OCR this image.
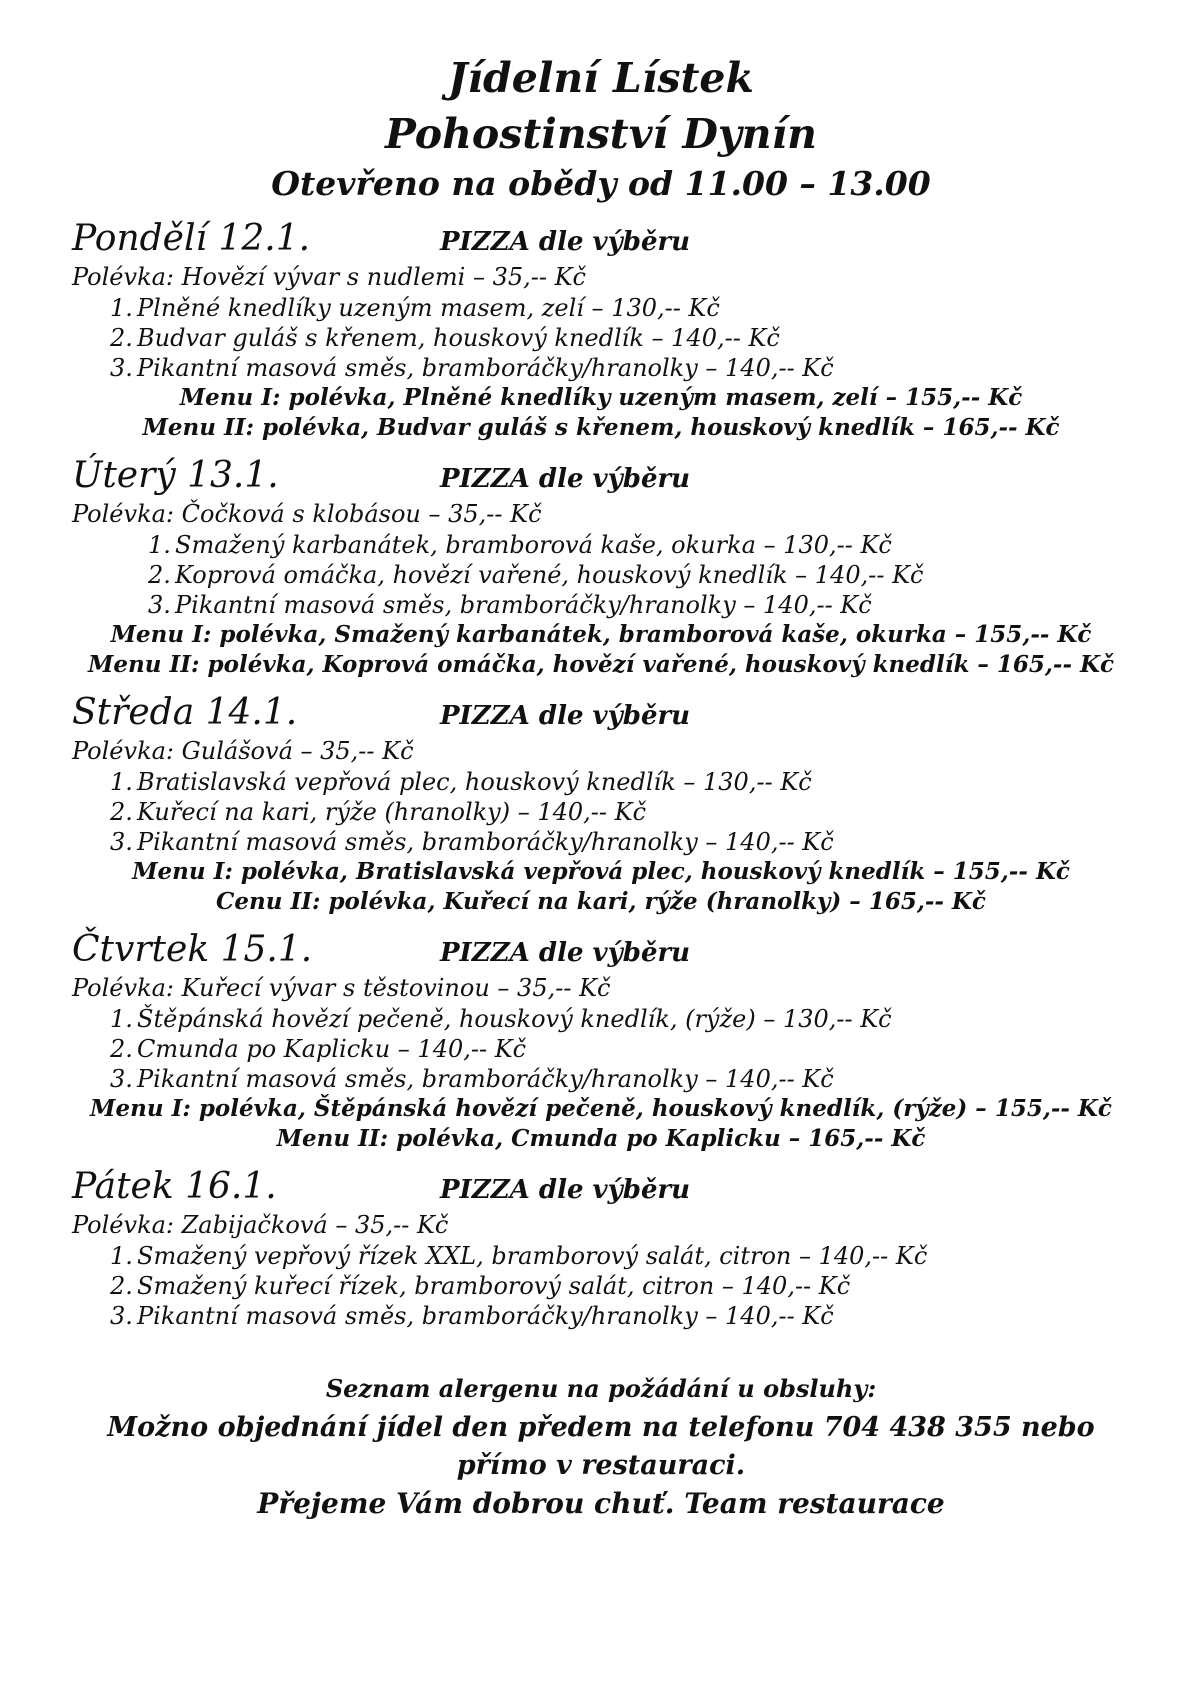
Jídelní Lístek
Pohostinství Dynín
Otevřeno na obědy od 11.00 – 13.00
Pondělí 12.1.	PIZZA dle výběru
Polévka: Hovězí vývar s nudlemi – 35,-- Kč
Plněné knedlíky uzeným masem, zelí – 130,-- Kč
Budvar guláš s křenem, houskový knedlík – 140,-- Kč
Pikantní masová směs, bramboráčky/hranolky – 140,-- Kč
Menu I: polévka, Plněné knedlíky uzeným masem, zelí – 155,-- Kč
Menu II: polévka, Budvar guláš s křenem, houskový knedlík – 165,-- Kč
Úterý 13.1.	PIZZA dle výběru
Polévka: Čočková s klobásou – 35,-- Kč
Smažený karbanátek, bramborová kaše, okurka – 130,-- Kč
Koprová omáčka, hovězí vařené, houskový knedlík – 140,-- Kč
Pikantní masová směs, bramboráčky/hranolky – 140,-- Kč
Menu I: polévka, Smažený karbanátek, bramborová kaše, okurka – 155,-- Kč
Menu II: polévka, Koprová omáčka, hovězí vařené, houskový knedlík – 165,-- Kč
Středa 14.1.	PIZZA dle výběru
Polévka: Gulášová – 35,-- Kč
Bratislavská vepřová plec, houskový knedlík – 130,-- Kč
Kuřecí na kari, rýže (hranolky) – 140,-- Kč
Pikantní masová směs, bramboráčky/hranolky – 140,-- Kč
Menu I: polévka, Bratislavská vepřová plec, houskový knedlík – 155,-- Kč
Cenu II: polévka, Kuřecí na kari, rýže (hranolky) – 165,-- Kč
Čtvrtek 15.1.	PIZZA dle výběru
Polévka: Kuřecí vývar s těstovinou – 35,-- Kč
Štěpánská hovězí pečeně, houskový knedlík, (rýže) – 130,-- Kč
Cmunda po Kaplicku – 140,-- Kč
Pikantní masová směs, bramboráčky/hranolky – 140,-- Kč
Menu I: polévka, Štěpánská hovězí pečeně, houskový knedlík, (rýže) – 155,-- Kč
Menu II: polévka, Cmunda po Kaplicku – 165,-- Kč
Pátek 16.1.	PIZZA dle výběru
Polévka: Zabijačková – 35,-- Kč
Smažený vepřový řízek XXL, bramborový salát, citron – 140,-- Kč
Smažený kuřecí řízek, bramborový salát, citron – 140,-- Kč
Pikantní masová směs, bramboráčky/hranolky – 140,-- Kč
Seznam alergenu na požádání u obsluhy:
Možno objednání jídel den předem na telefonu 704 438 355 nebo přímo v restauraci.
Přejeme Vám dobrou chuť. Team restaurace
